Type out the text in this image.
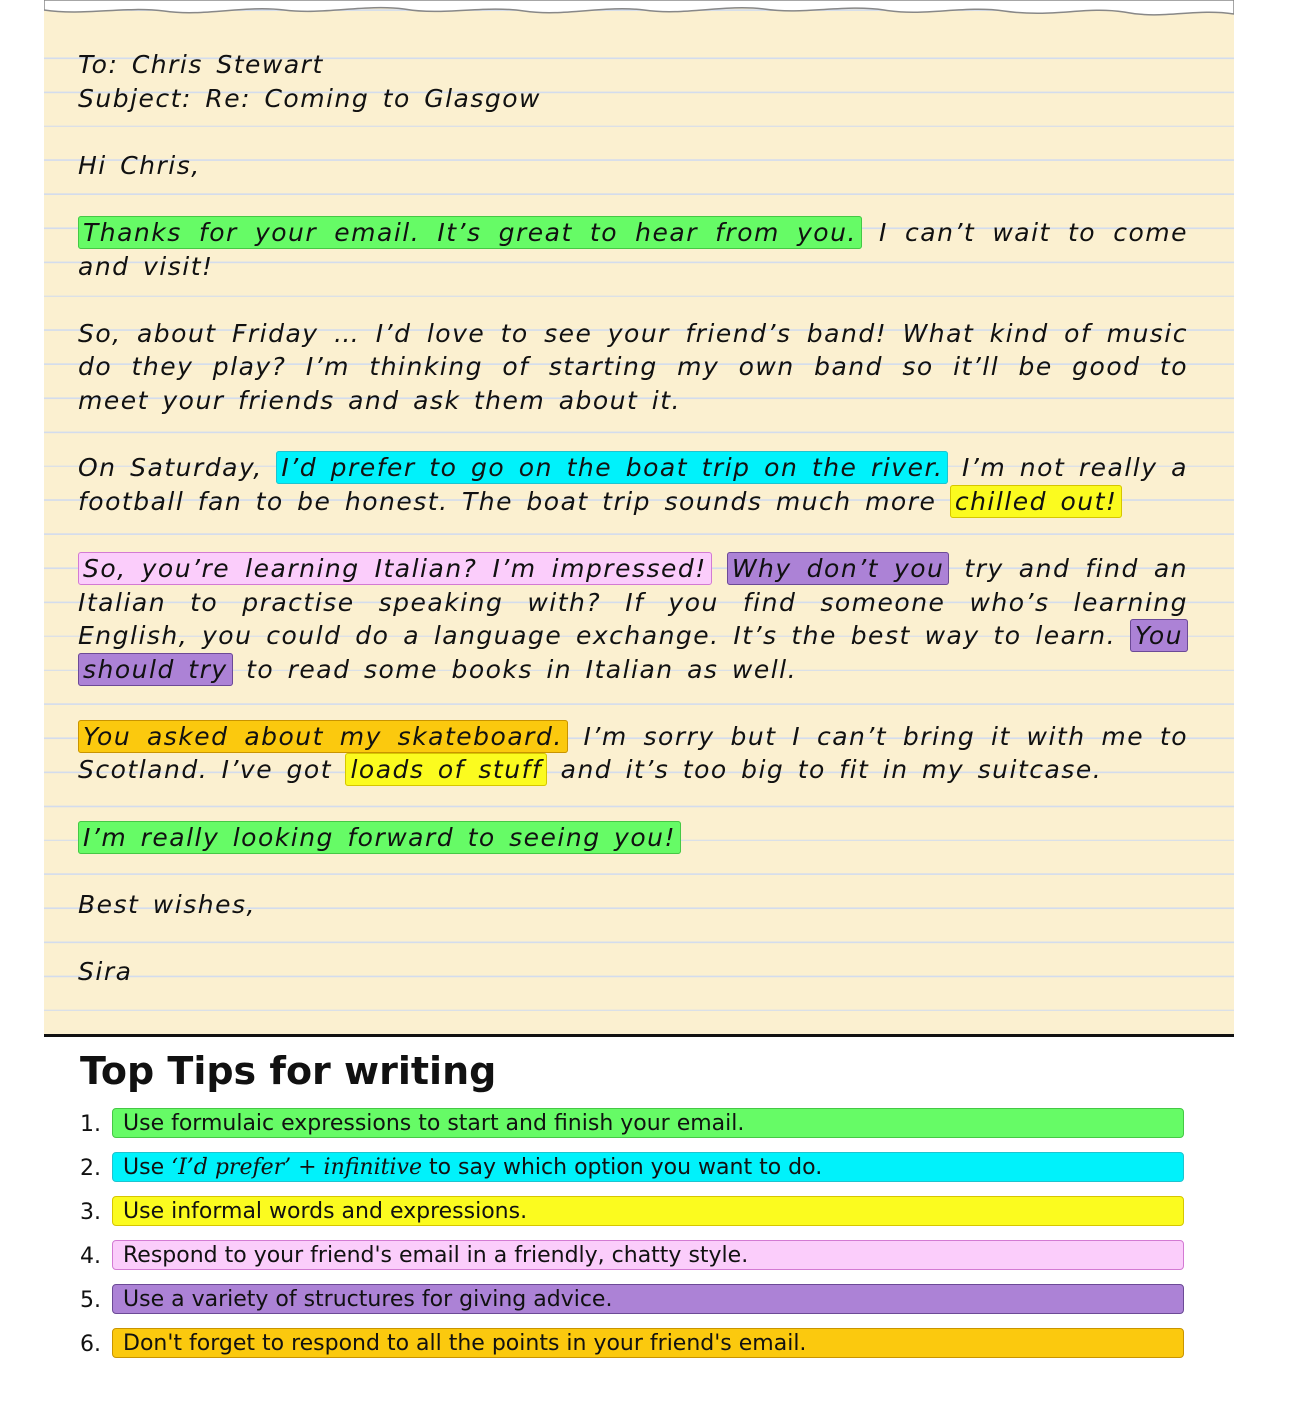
To: Chris Stewart
Subject: Re: Coming to Glasgow

Hi Chris,

Thanks for your email. It’s great to hear from you. I can’t wait to come and visit!

So, about Friday … I’d love to see your friend’s band! What kind of music do they play? I’m thinking of starting my own band so it’ll be good to meet your friends and ask them about it.

On Saturday, I’d prefer to go on the boat trip on the river. I’m not really a football fan to be honest. The boat trip sounds much more chilled out!

So, you’re learning Italian? I’m impressed! Why don’t you try and find an Italian to practise speaking with? If you find someone who’s learning English, you could do a language exchange. It’s the best way to learn. You should try to read some books in Italian as well.

You asked about my skateboard. I’m sorry but I can’t bring it with me to Scotland. I’ve got loads of stuff and it’s too big to fit in my suitcase.

I’m really looking forward to seeing you!

Best wishes,

Sira

Top Tips for writing
1.	Use formulaic expressions to start and finish your email.
2.	Use ‘I’d prefer’ + infinitive to say which option you want to do.
3.	Use informal words and expressions.
4.	Respond to your friend's email in a friendly, chatty style.
5.	Use a variety of structures for giving advice.
6.	Don't forget to respond to all the points in your friend's email.
